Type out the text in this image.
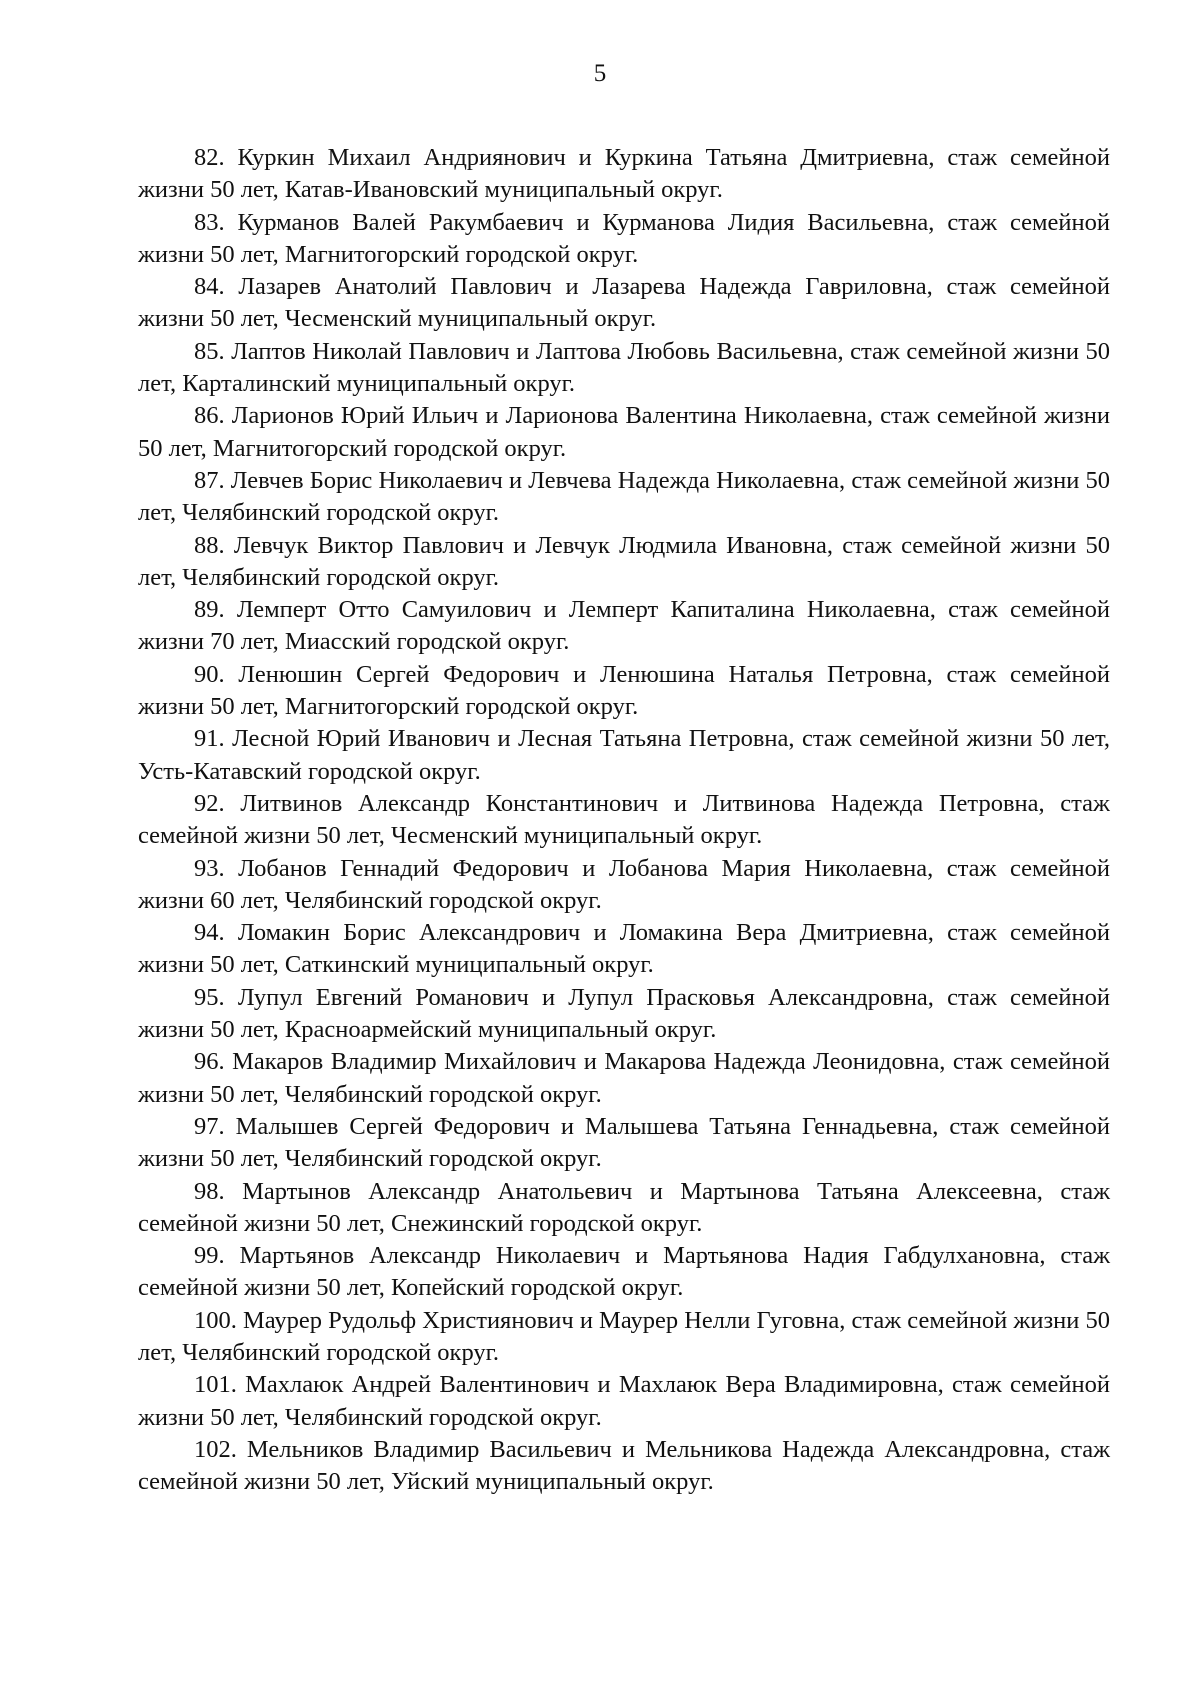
5

82. Куркин Михаил Андриянович и Куркина Татьяна Дмитриевна, стаж семейной жизни 50 лет, Катав-Ивановский муниципальный округ.

83. Курманов Валей Ракумбаевич и Курманова Лидия Васильевна, стаж семейной жизни 50 лет, Магнитогорский городской округ.

84. Лазарев Анатолий Павлович и Лазарева Надежда Гавриловна, стаж семейной жизни 50 лет, Чесменский муниципальный округ.

85. Лаптов Николай Павлович и Лаптова Любовь Васильевна, стаж семейной жизни 50 лет, Карталинский муниципальный округ.

86. Ларионов Юрий Ильич и Ларионова Валентина Николаевна, стаж семейной жизни 50 лет, Магнитогорский городской округ.

87. Левчев Борис Николаевич и Левчева Надежда Николаевна, стаж семейной жизни 50 лет, Челябинский городской округ.

88. Левчук Виктор Павлович и Левчук Людмила Ивановна, стаж семейной жизни 50 лет, Челябинский городской округ.

89. Лемперт Отто Самуилович и Лемперт Капиталина Николаевна, стаж семейной жизни 70 лет, Миасский городской округ.

90. Ленюшин Сергей Федорович и Ленюшина Наталья Петровна, стаж семейной жизни 50 лет, Магнитогорский городской округ.

91. Лесной Юрий Иванович и Лесная Татьяна Петровна, стаж семейной жизни 50 лет, Усть-Катавский городской округ.

92. Литвинов Александр Константинович и Литвинова Надежда Петровна, стаж семейной жизни 50 лет, Чесменский муниципальный округ.

93. Лобанов Геннадий Федорович и Лобанова Мария Николаевна, стаж семейной жизни 60 лет, Челябинский городской округ.

94. Ломакин Борис Александрович и Ломакина Вера Дмитриевна, стаж семейной жизни 50 лет, Саткинский муниципальный округ.

95. Лупул Евгений Романович и Лупул Прасковья Александровна, стаж семейной жизни 50 лет, Красноармейский муниципальный округ.

96. Макаров Владимир Михайлович и Макарова Надежда Леонидовна, стаж семейной жизни 50 лет, Челябинский городской округ.

97. Малышев Сергей Федорович и Малышева Татьяна Геннадьевна, стаж семейной жизни 50 лет, Челябинский городской округ.

98. Мартынов Александр Анатольевич и Мартынова Татьяна Алексеевна, стаж семейной жизни 50 лет, Снежинский городской округ.

99. Мартьянов Александр Николаевич и Мартьянова Надия Габдулхановна, стаж семейной жизни 50 лет, Копейский городской округ.

100. Маурер Рудольф Християнович и Маурер Нелли Гуговна, стаж семейной жизни 50 лет, Челябинский городской округ.

101. Махлаюк Андрей Валентинович и Махлаюк Вера Владимировна, стаж семейной жизни 50 лет, Челябинский городской округ.

102. Мельников Владимир Васильевич и Мельникова Надежда Александровна, стаж семейной жизни 50 лет, Уйский муниципальный округ.
